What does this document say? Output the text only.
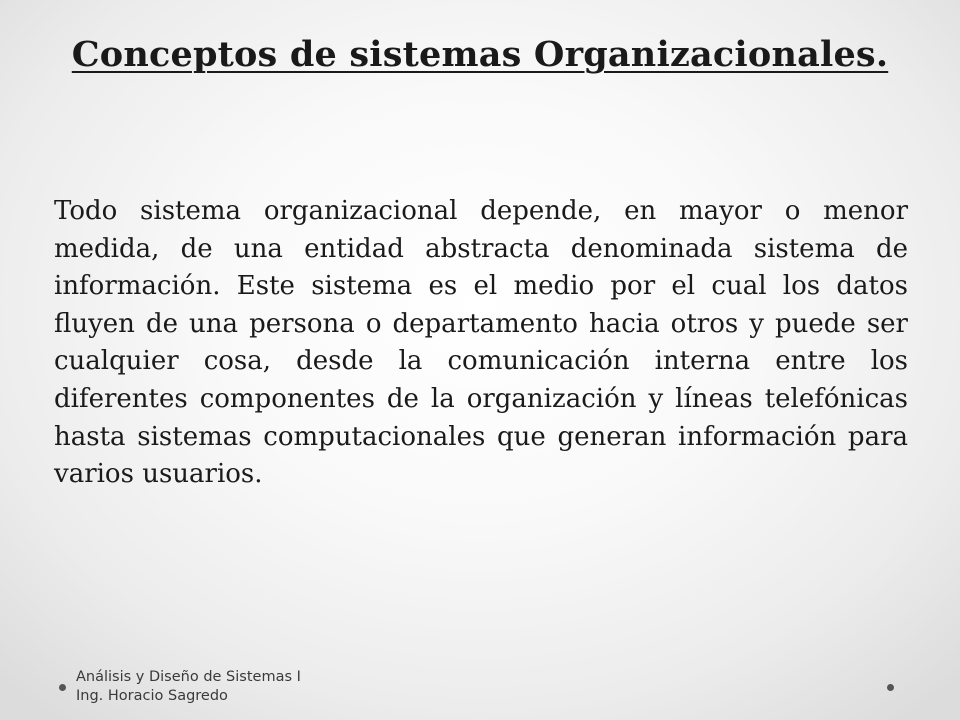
Conceptos de sistemas Organizacionales.

Todo sistema organizacional depende, en mayor o menor medida, de una entidad abstracta denominada sistema de información. Este sistema es el medio por el cual los datos fluyen de una persona o departamento hacia otros y puede ser cualquier cosa, desde la comunicación interna entre los diferentes componentes de la organización y líneas telefónicas hasta sistemas computacionales que generan información para varios usuarios.

Análisis y Diseño de Sistemas I
Ing. Horacio Sagredo
